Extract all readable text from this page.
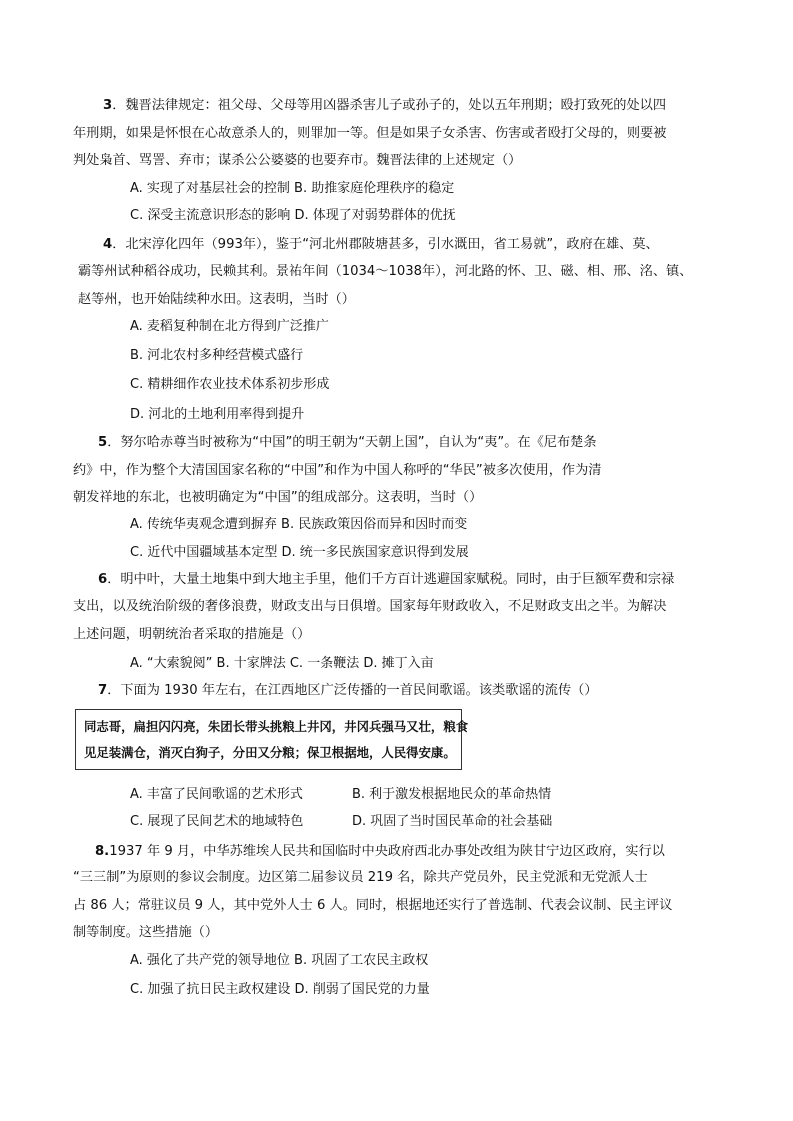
3．魏晋法律规定：祖父母、父母等用凶器杀害儿子或孙子的，处以五年刑期；殴打致死的处以四
年刑期，如果是怀恨在心故意杀人的，则罪加一等。但是如果子女杀害、伤害或者殴打父母的，则要被
判处枭首、骂詈、弃市；谋杀公公婆婆的也要弃市。魏晋法律的上述规定（）
A. 实现了对基层社会的控制 B. 助推家庭伦理秩序的稳定
C. 深受主流意识形态的影响 D. 体现了对弱势群体的优抚
4．北宋淳化四年（993年），鉴于“河北州郡陂塘甚多，引水溉田，省工易就”，政府在雄、莫、
霸等州试种稻谷成功，民赖其利。景祐年间（1034～1038年），河北路的怀、卫、磁、相、邢、洺、镇、
赵等州，也开始陆续种水田。这表明，当时（）
A. 麦稻复种制在北方得到广泛推广
B. 河北农村多种经营模式盛行
C. 精耕细作农业技术体系初步形成
D. 河北的土地利用率得到提升
5．努尔哈赤尊当时被称为“中国”的明王朝为“天朝上国”，自认为“夷”。在《尼布楚条
约》中，作为整个大清国国家名称的“中国”和作为中国人称呼的“华民”被多次使用，作为清
朝发祥地的东北，也被明确定为“中国”的组成部分。这表明，当时（）
A. 传统华夷观念遭到摒弃 B. 民族政策因俗而异和因时而变
C. 近代中国疆域基本定型 D. 统一多民族国家意识得到发展
6．明中叶，大量土地集中到大地主手里，他们千方百计逃避国家赋税。同时，由于巨额军费和宗禄
支出，以及统治阶级的奢侈浪费，财政支出与日俱增。国家每年财政收入，不足财政支出之半。为解决
上述问题，明朝统治者采取的措施是（）
A. “大索貌阅” B. 十家牌法 C. 一条鞭法 D. 摊丁入亩
7．下面为 1930 年左右，在江西地区广泛传播的一首民间歌谣。该类歌谣的流传（）
同志哥，扁担闪闪亮，朱团长带头挑粮上井冈，井冈兵强马又壮，粮食
见足装满仓，消灭白狗子，分田又分粮；保卫根据地，人民得安康。
A. 丰富了民间歌谣的艺术形式	B. 利于激发根据地民众的革命热情
C. 展现了民间艺术的地域特色	D. 巩固了当时国民革命的社会基础
8.1937 年 9 月，中华苏维埃人民共和国临时中央政府西北办事处改组为陕甘宁边区政府，实行以
“三三制”为原则的参议会制度。边区第二届参议员 219 名，除共产党员外，民主党派和无党派人士
占 86 人；常驻议员 9 人，其中党外人士 6 人。同时，根据地还实行了普选制、代表会议制、民主评议
制等制度。这些措施（）
A. 强化了共产党的领导地位 B. 巩固了工农民主政权
C. 加强了抗日民主政权建设 D. 削弱了国民党的力量
